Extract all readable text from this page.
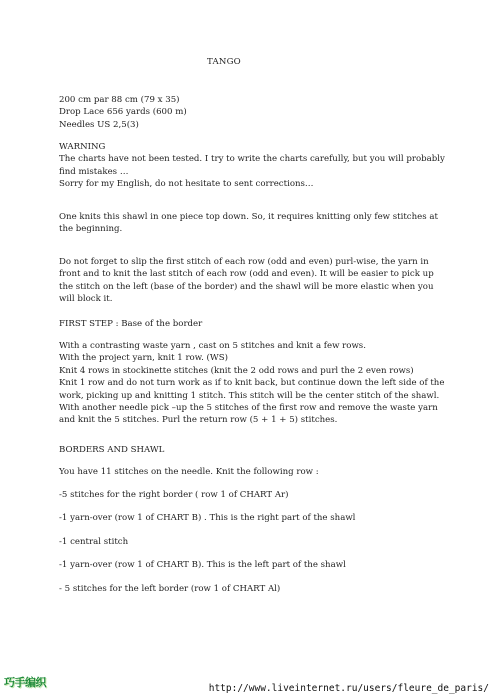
TANGO

200 cm par 88 cm (79 x 35)
Drop Lace 656 yards (600 m)
Needles US 2,5(3)

WARNING
The charts have not been tested. I try to write the charts carefully, but you will probably
find mistakes …
Sorry for my English, do not hesitate to sent corrections…

One knits this shawl in one piece top down. So, it requires knitting only few stitches at
the beginning.

Do not forget to slip the first stitch of each row (odd and even) purl-wise, the yarn in
front and to knit the last stitch of each row (odd and even). It will be easier to pick up
the stitch on the left (base of the border) and the shawl will be more elastic when you
will block it.

FIRST STEP : Base of the border

With a contrasting waste yarn , cast on 5 stitches and knit a few rows.
With the project yarn, knit 1 row. (WS)
Knit 4 rows in stockinette stitches (knit the 2 odd rows and purl the 2 even rows)
Knit 1 row and do not turn work as if to knit back, but continue down the left side of the
work, picking up and knitting 1 stitch. This stitch will be the center stitch of the shawl.
With another needle pick –up the 5 stitches of the first row and remove the waste yarn
and knit the 5 stitches. Purl the return row (5 + 1 + 5) stitches.

BORDERS AND SHAWL

You have 11 stitches on the needle. Knit the following row :

-5 stitches for the right border ( row 1 of CHART Ar)

-1 yarn-over (row 1 of CHART B) . This is the right part of the shawl

-1 central stitch

-1 yarn-over (row 1 of CHART B). This is the left part of the shawl

- 5 stitches for the left border (row 1 of CHART Al)

巧手编织	http://www.liveinternet.ru/users/fleure_de_paris/
